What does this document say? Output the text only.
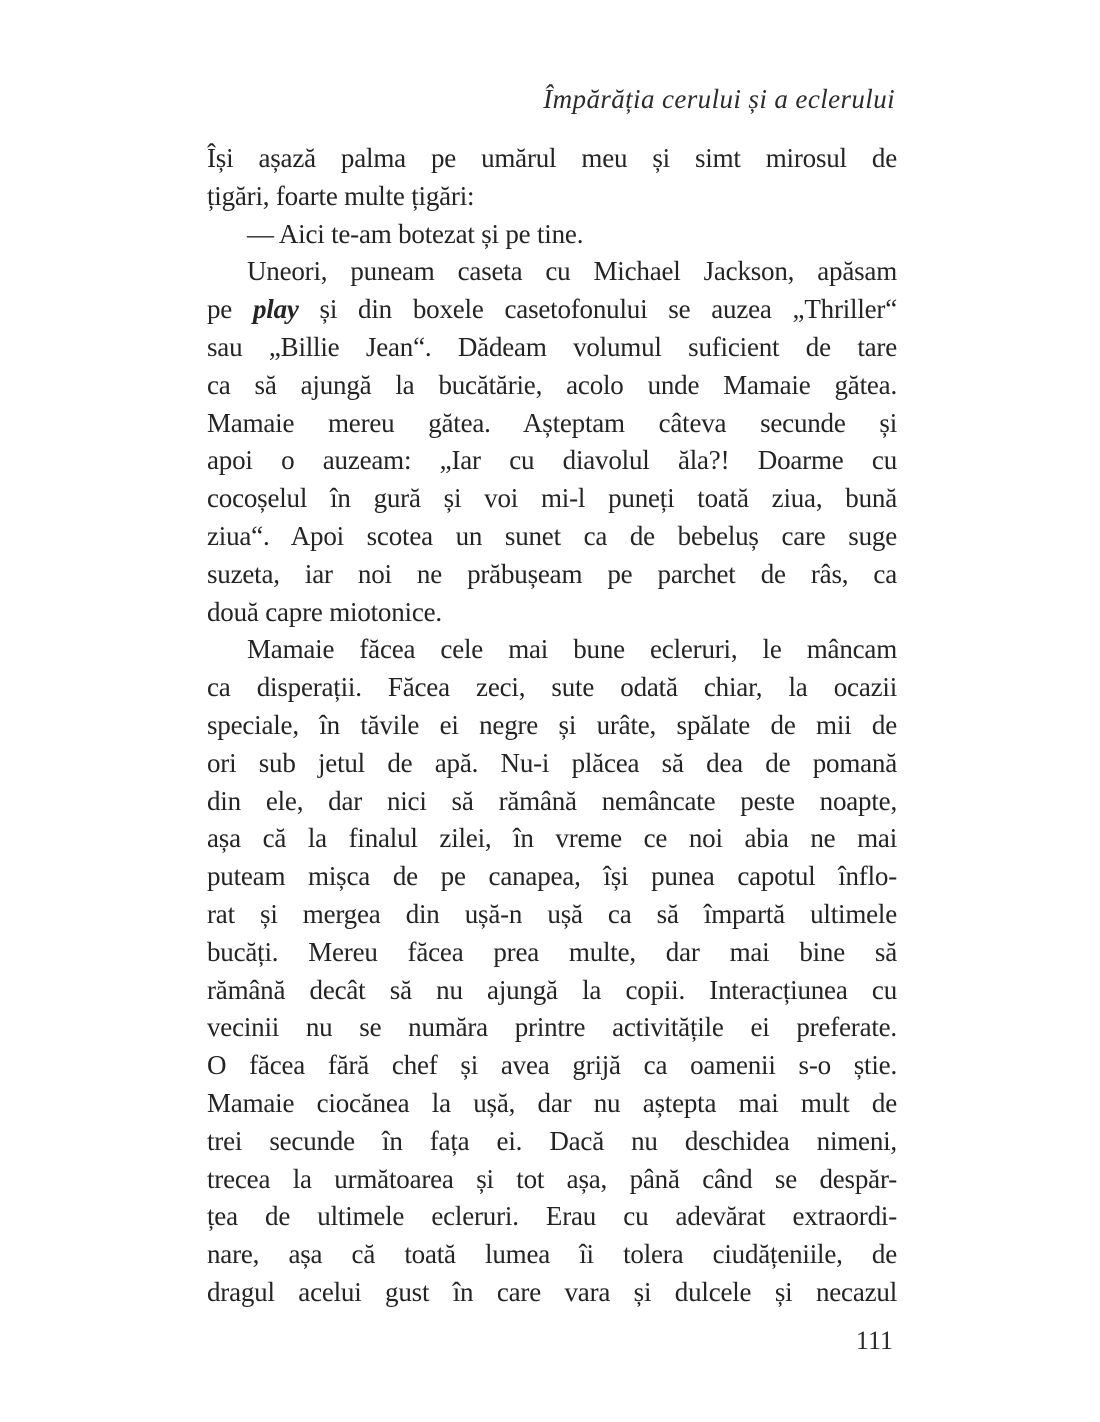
Împărăția cerului și a eclerului
Își așază palma pe umărul meu și simt mirosul de
țigări, foarte multe țigări:
— Aici te-am botezat și pe tine.
Uneori, puneam caseta cu Michael Jackson, apăsam
pe play și din boxele casetofonului se auzea „Thriller“
sau „Billie Jean“. Dădeam volumul suficient de tare
ca să ajungă la bucătărie, acolo unde Mamaie gătea.
Mamaie mereu gătea. Așteptam câteva secunde și
apoi o auzeam: „Iar cu diavolul ăla?! Doarme cu
cocoșelul în gură și voi mi-l puneți toată ziua, bună
ziua“. Apoi scotea un sunet ca de bebeluș care suge
suzeta, iar noi ne prăbușeam pe parchet de râs, ca
două capre miotonice.
Mamaie făcea cele mai bune ecleruri, le mâncam
ca disperații. Făcea zeci, sute odată chiar, la ocazii
speciale, în tăvile ei negre și urâte, spălate de mii de
ori sub jetul de apă. Nu-i plăcea să dea de pomană
din ele, dar nici să rămână nemâncate peste noapte,
așa că la finalul zilei, în vreme ce noi abia ne mai
puteam mișca de pe canapea, își punea capotul înflo-
rat și mergea din ușă-n ușă ca să împartă ultimele
bucăți. Mereu făcea prea multe, dar mai bine să
rămână decât să nu ajungă la copii. Interacțiunea cu
vecinii nu se număra printre activitățile ei preferate.
O făcea fără chef și avea grijă ca oamenii s-o știe.
Mamaie ciocănea la ușă, dar nu aștepta mai mult de
trei secunde în fața ei. Dacă nu deschidea nimeni,
trecea la următoarea și tot așa, până când se despăr-
țea de ultimele ecleruri. Erau cu adevărat extraordi-
nare, așa că toată lumea îi tolera ciudățeniile, de
dragul acelui gust în care vara și dulcele și necazul
111
